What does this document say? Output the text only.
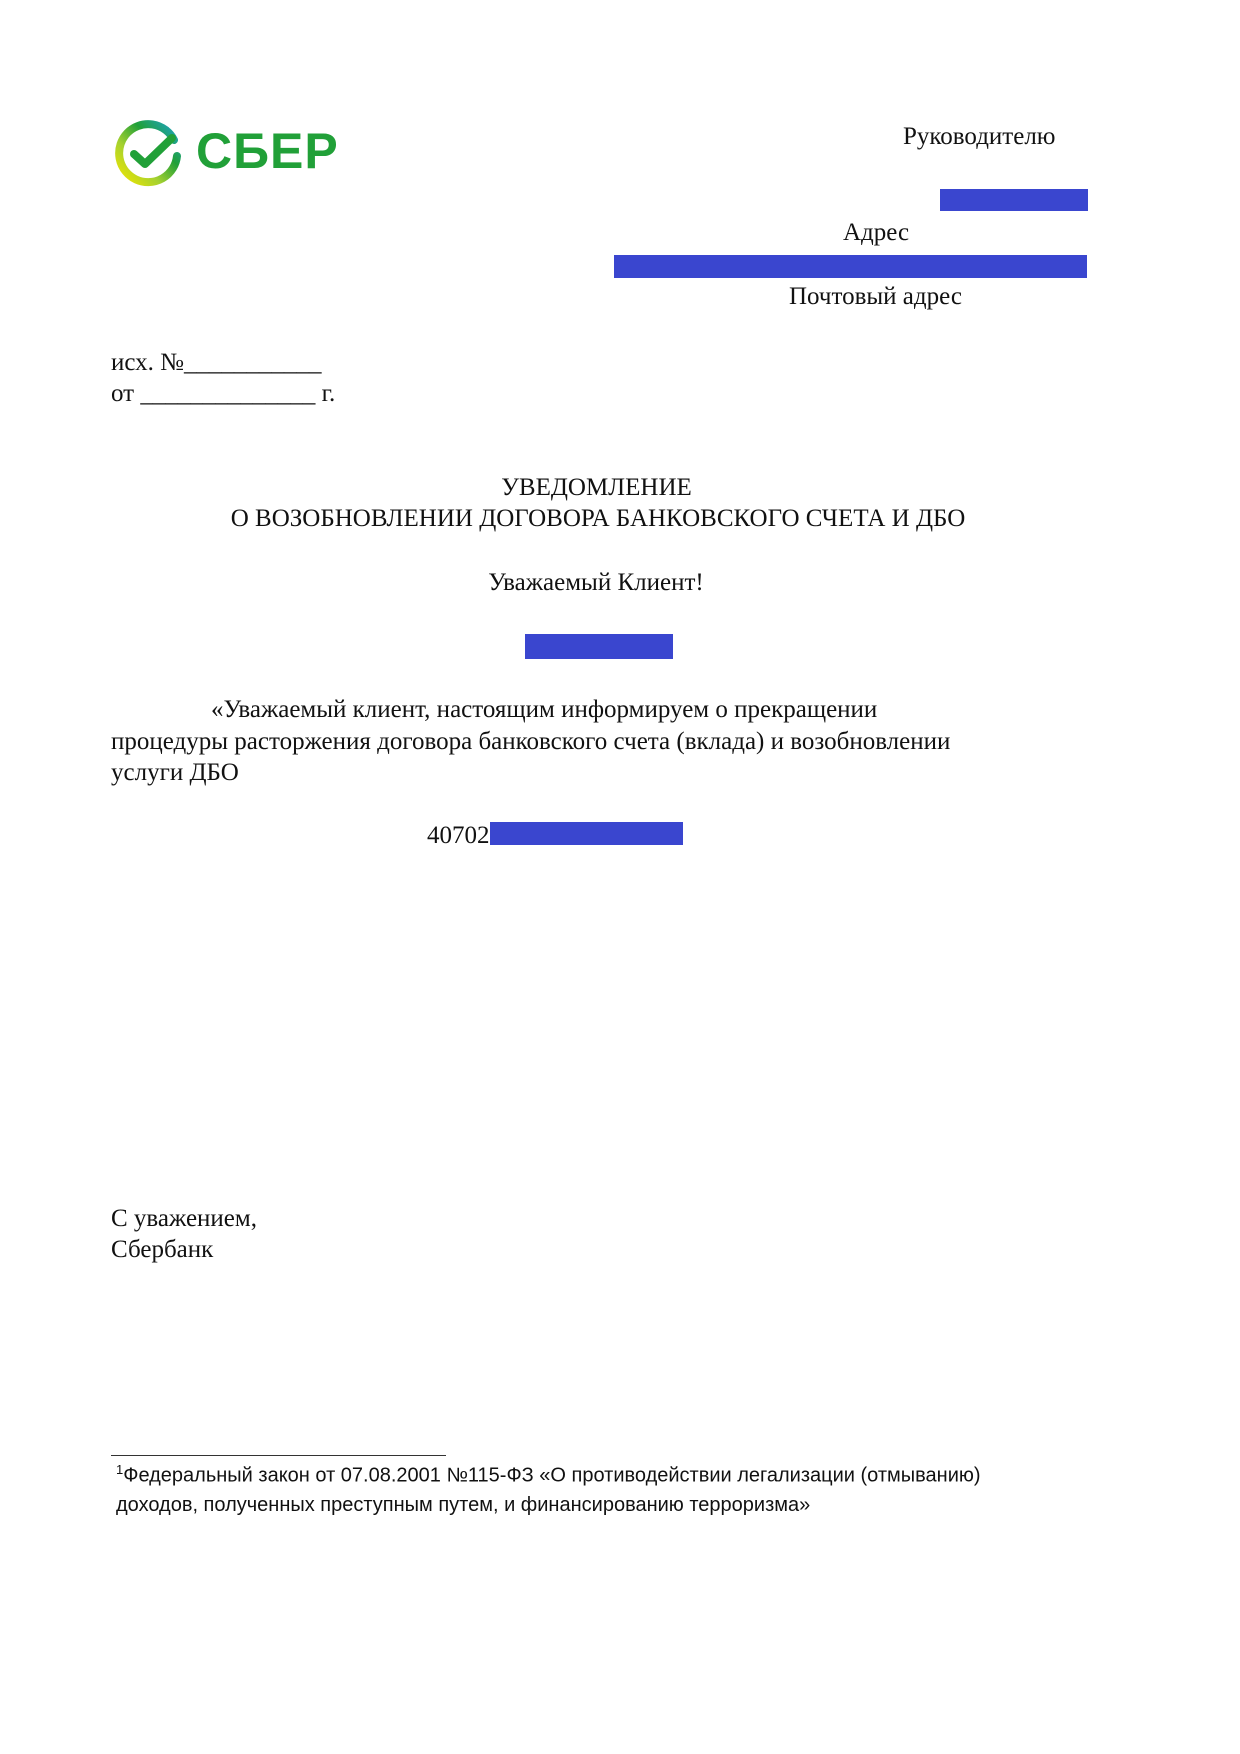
СБЕР	Руководителю
Адрес
Почтовый адрес
исх. №___________
от ______________ г.
УВЕДОМЛЕНИЕ
О ВОЗОБНОВЛЕНИИ ДОГОВОРА БАНКОВСКОГО СЧЕТА И ДБО
Уважаемый Клиент!
«Уважаемый клиент, настоящим информируем о прекращении
процедуры расторжения договора банковского счета (вклада) и возобновлении
услуги ДБО
40702
С уважением,
Сбербанк
$^1$Федеральный закон от 07.08.2001 №115-ФЗ «О противодействии легализации (отмыванию)
доходов, полученных преступным путем, и финансированию терроризма»
